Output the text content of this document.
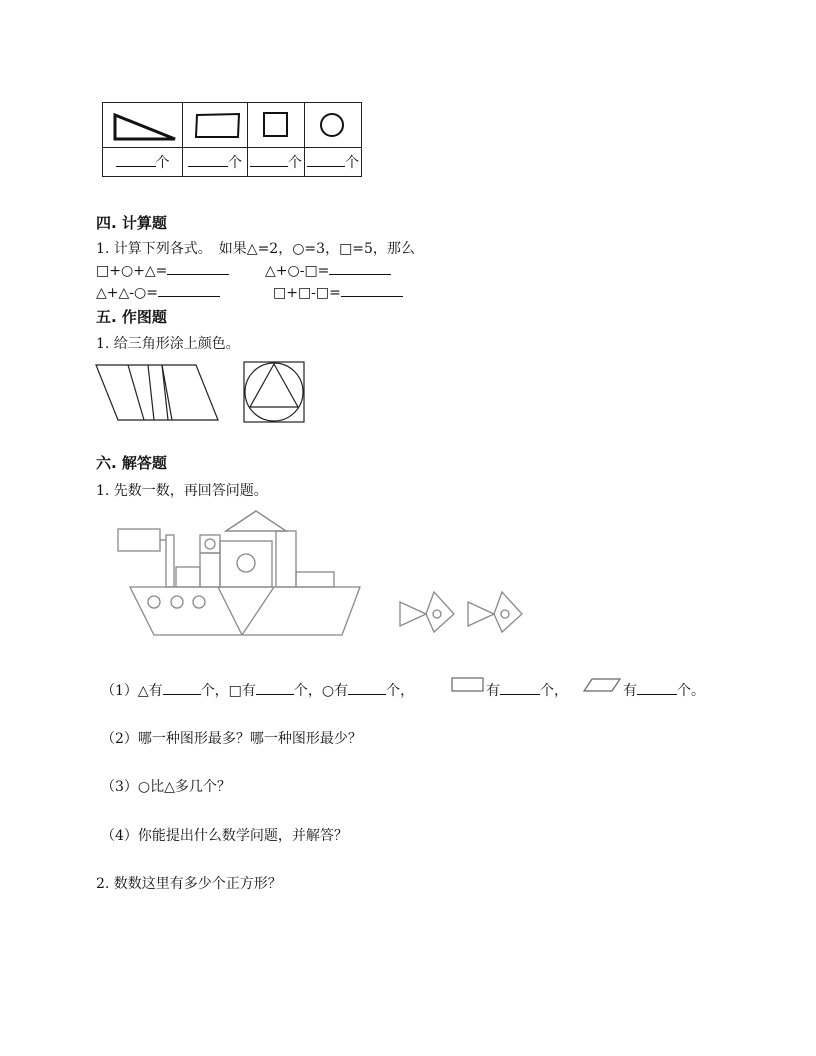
个	个	个	个
四. 计算题
1. 计算下列各式。　如果△=2，○=3，□=5，那么
□+○+△=	△+○-□=
△+△-○=	□+□-□=
五. 作图题
1. 给三角形涂上颜色。
六. 解答题
1. 先数一数，再回答问题。
（1）△有	个，□有	个，○有	个，	有	个，	有	个。
（2）哪一种图形最多？哪一种图形最少？
（3）○比△多几个？
（4）你能提出什么数学问题，并解答？
2. 数数这里有多少个正方形？
